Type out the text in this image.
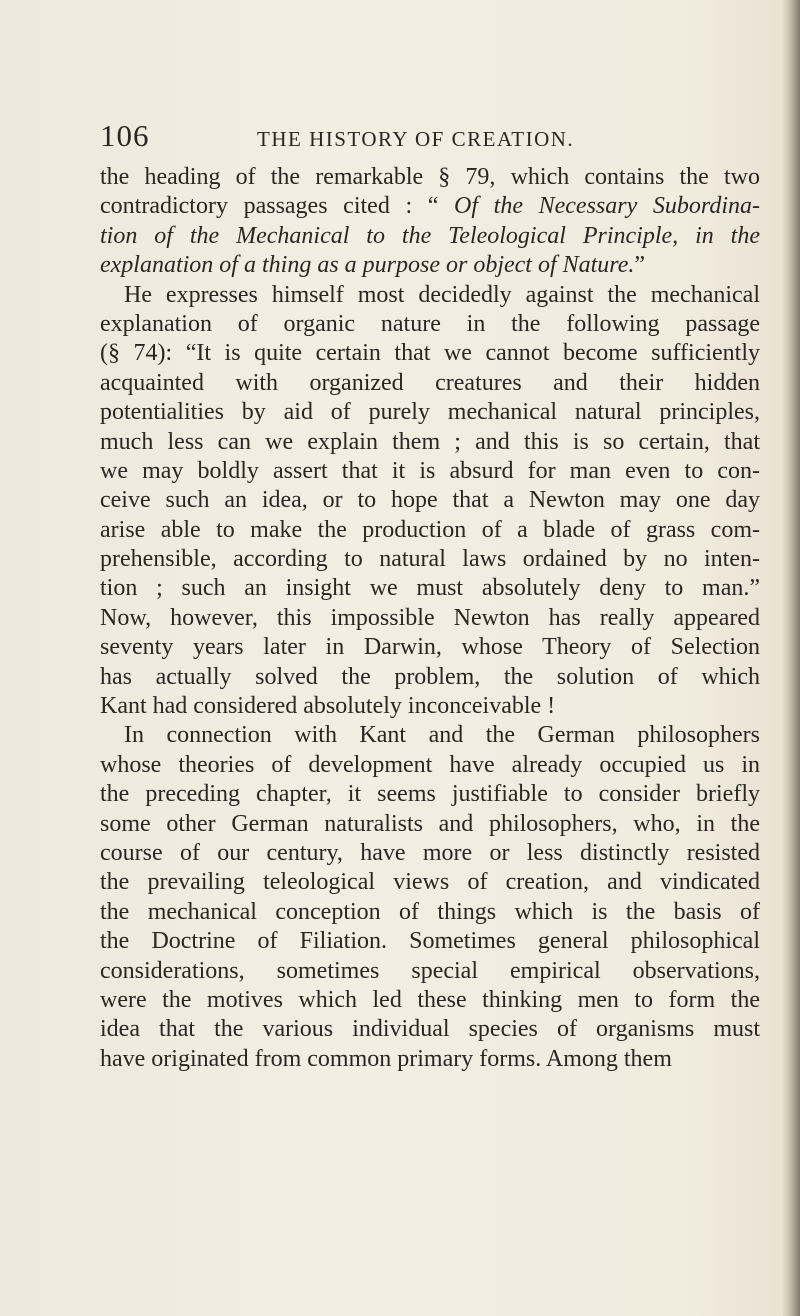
106	THE HISTORY OF CREATION.
the heading of the remarkable § 79, which contains the two
contradictory passages cited : “ Of the Necessary Subordina-
tion of the Mechanical to the Teleological Principle, in the
explanation of a thing as a purpose or object of Nature.”
He expresses himself most decidedly against the mechanical
explanation of organic nature in the following passage
(§ 74): “It is quite certain that we cannot become sufficiently
acquainted with organized creatures and their hidden
potentialities by aid of purely mechanical natural principles,
much less can we explain them ; and this is so certain, that
we may boldly assert that it is absurd for man even to con-
ceive such an idea, or to hope that a Newton may one day
arise able to make the production of a blade of grass com-
prehensible, according to natural laws ordained by no inten-
tion ; such an insight we must absolutely deny to man.”
Now, however, this impossible Newton has really appeared
seventy years later in Darwin, whose Theory of Selection
has actually solved the problem, the solution of which
Kant had considered absolutely inconceivable !
In connection with Kant and the German philosophers
whose theories of development have already occupied us in
the preceding chapter, it seems justifiable to consider briefly
some other German naturalists and philosophers, who, in the
course of our century, have more or less distinctly resisted
the prevailing teleological views of creation, and vindicated
the mechanical conception of things which is the basis of
the Doctrine of Filiation. Sometimes general philosophical
considerations, sometimes special empirical observations,
were the motives which led these thinking men to form the
idea that the various individual species of organisms must
have originated from common primary forms. Among them
